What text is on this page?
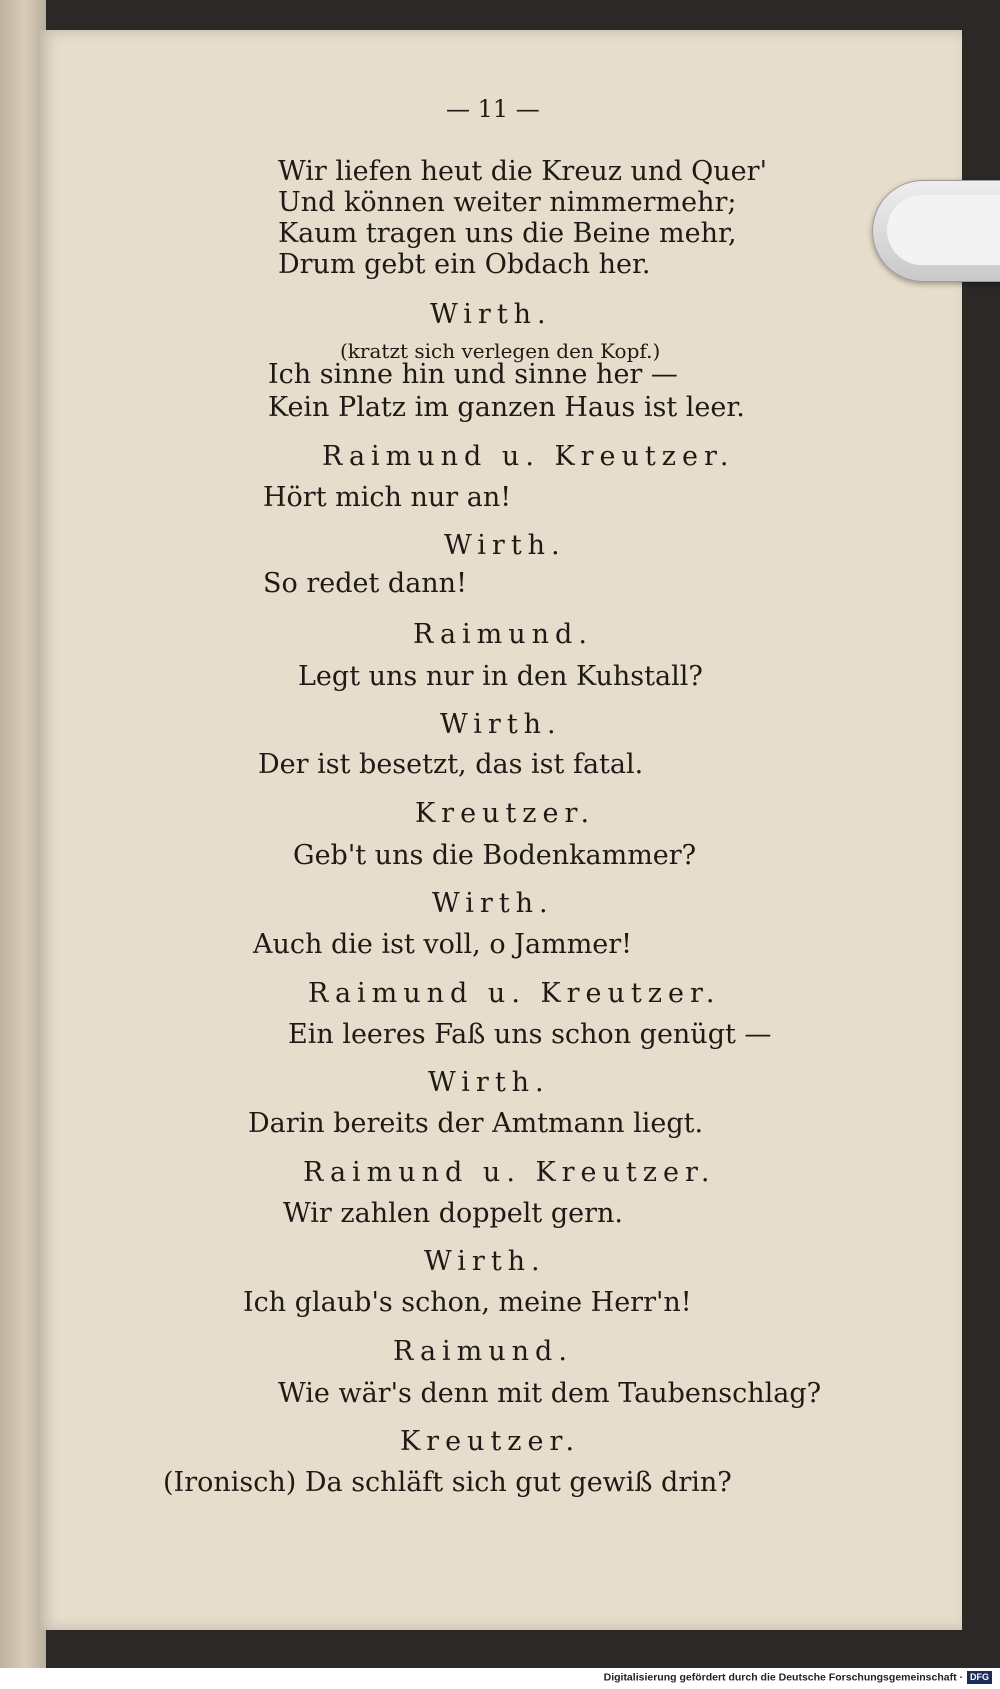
— 11 —
Wir liefen heut die Kreuz und Quer'
Und können weiter nimmermehr;
Kaum tragen uns die Beine mehr,
Drum gebt ein Obdach her.
Wirth.
(kratzt sich verlegen den Kopf.)
Ich sinne hin und sinne her —
Kein Platz im ganzen Haus ist leer.
Raimund u. Kreutzer.
Hört mich nur an!
Wirth.
So redet dann!
Raimund.
Legt uns nur in den Kuhstall?
Wirth.
Der ist besetzt, das ist fatal.
Kreutzer.
Geb't uns die Bodenkammer?
Wirth.
Auch die ist voll, o Jammer!
Raimund u. Kreutzer.
Ein leeres Faß uns schon genügt —
Wirth.
Darin bereits der Amtmann liegt.
Raimund u. Kreutzer.
Wir zahlen doppelt gern.
Wirth.
Ich glaub's schon, meine Herr'n!
Raimund.
Wie wär's denn mit dem Taubenschlag?
Kreutzer.
(Ironisch) Da schläft sich gut gewiß drin?
Digitalisierung gefördert durch die Deutsche Forschungsgemeinschaft · DFG
